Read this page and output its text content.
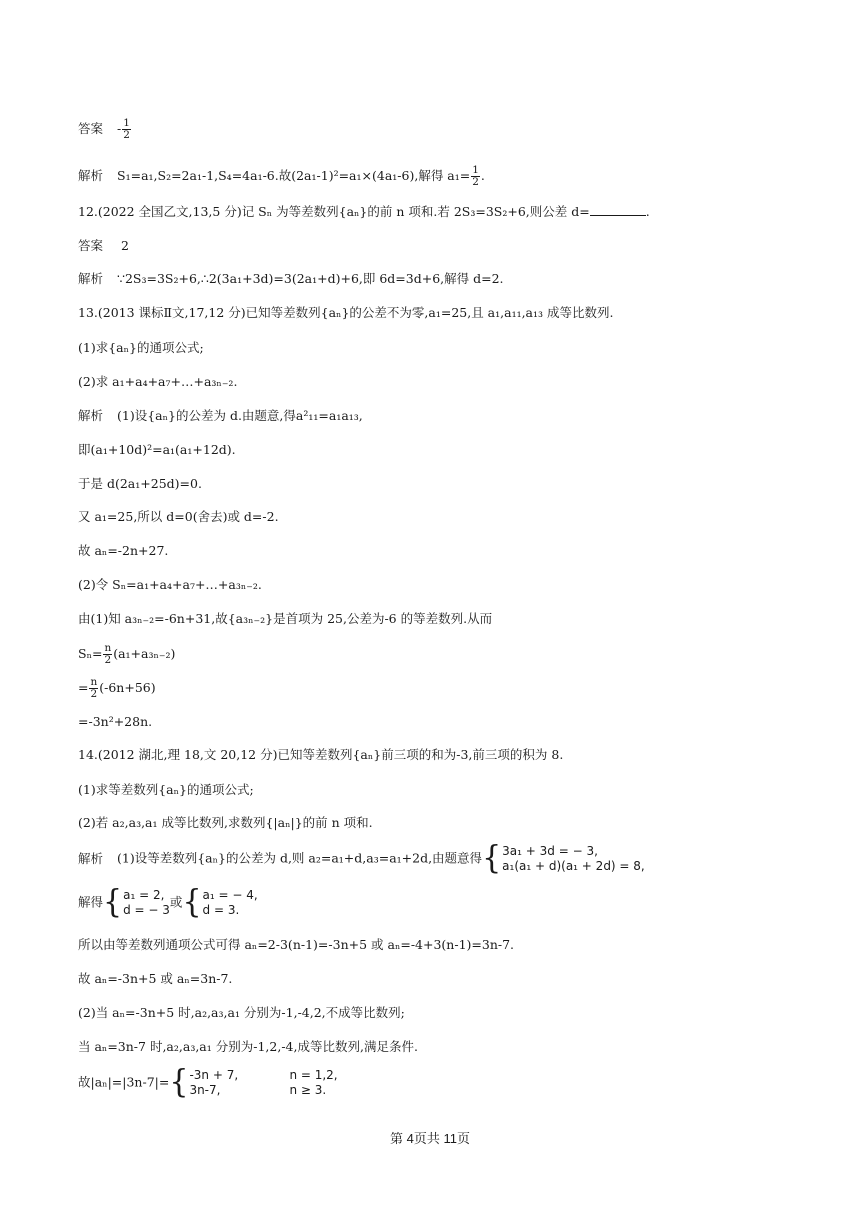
答案 - $\frac{1}{2}$
解析 S₁=a₁,S₂=2a₁-1,S₄=4a₁-6.故(2a₁-1)²=a₁×(4a₁-6),解得 $a_1= \frac{1}{2}$ .
12.(2022 全国乙文,13,5 分)记 Sₙ 为等差数列{aₙ}的前 n 项和.若 2S₃=3S₂+6,则公差 d=	.
答案 2
解析 ∵2S₃=3S₂+6,∴2(3a₁+3d)=3(2a₁+d)+6,即 6d=3d+6,解得 d=2.
13.(2013 课标Ⅱ文,17,12 分)已知等差数列{aₙ}的公差不为零,a₁=25,且 a₁,a₁₁,a₁₃ 成等比数列.
(1)求{aₙ}的通项公式;
(2)求 a₁+a₄+a₇+…+a₃ₙ₋₂.
解析 (1)设{aₙ}的公差为 d.由题意,得a²₁₁=a₁a₁₃,
即(a₁+10d)²=a₁(a₁+12d).
于是 d(2a₁+25d)=0.
又 a₁=25,所以 d=0(舍去)或 d=-2.
故 aₙ=-2n+27.
(2)令 Sₙ=a₁+a₄+a₇+…+a₃ₙ₋₂.
由(1)知 a₃ₙ₋₂=-6n+31,故{a₃ₙ₋₂}是首项为 25,公差为-6 的等差数列.从而
$S_n= \frac{n}{2} (a_1+a_{3n-2})$
= $\frac{n}{2} (-6n+56)$
=-3n²+28n.
14.(2012 湖北,理 18,文 20,12 分)已知等差数列{aₙ}前三项的和为-3,前三项的积为 8.
(1)求等差数列{aₙ}的通项公式;
(2)若 a₂,a₃,a₁ 成等比数列,求数列{|aₙ|}的前 n 项和.
解析 (1)设等差数列{aₙ}的公差为 d,则 a₂=a₁+d,a₃=a₁+2d,由题意得{ 3a₁ + 3d = − 3,
a₁(a₁ + d)(a₁ + 2d) = 8,
解得{ a₁ = 2,
d = − 3
或{ a₁ = − 4,
d = 3.
所以由等差数列通项公式可得 aₙ=2-3(n-1)=-3n+5 或 aₙ=-4+3(n-1)=3n-7.
故 aₙ=-3n+5 或 aₙ=3n-7.
(2)当 aₙ=-3n+5 时,a₂,a₃,a₁ 分别为-1,-4,2,不成等比数列;
当 aₙ=3n-7 时,a₂,a₃,a₁ 分别为-1,2,-4,成等比数列,满足条件.
故|aₙ|=|3n-7|={ -3n + 7,	n = 1,2,
3n-7,	n ≥ 3.
第 4页共 11页
